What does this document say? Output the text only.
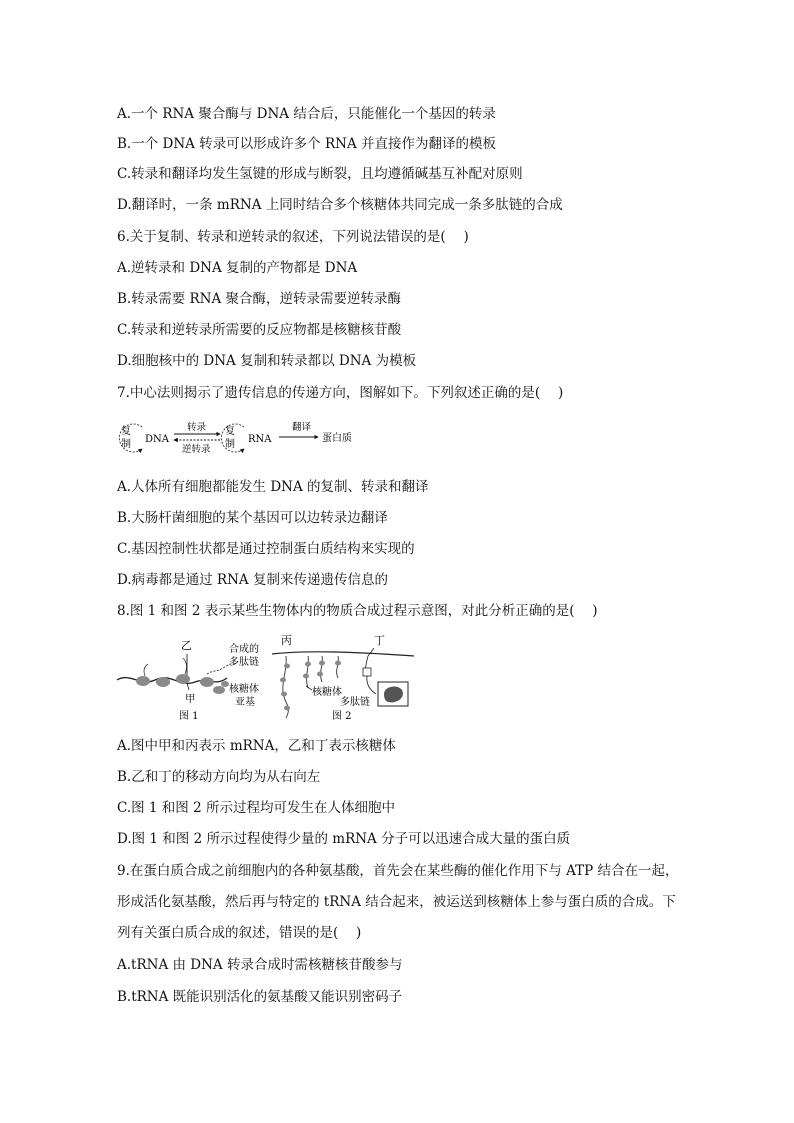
A.一个 RNA 聚合酶与 DNA 结合后，只能催化一个基因的转录
B.一个 DNA 转录可以形成许多个 RNA 并直接作为翻译的模板
C.转录和翻译均发生氢键的形成与断裂，且均遵循碱基互补配对原则
D.翻译时，一条 mRNA 上同时结合多个核糖体共同完成一条多肽链的合成
6.关于复制、转录和逆转录的叙述，下列说法错误的是(　 )
A.逆转录和 DNA 复制的产物都是 DNA
B.转录需要 RNA 聚合酶，逆转录需要逆转录酶
C.转录和逆转录所需要的反应物都是核糖核苷酸
D.细胞核中的 DNA 复制和转录都以 DNA 为模板
7.中心法则揭示了遗传信息的传递方向，图解如下。下列叙述正确的是(　 )
复
制 DNA
转录
逆转录
复
制 RNA
翻译
蛋白质
A.人体所有细胞都能发生 DNA 的复制、转录和翻译
B.大肠杆菌细胞的某个基因可以边转录边翻译
C.基因控制性状都是通过控制蛋白质结构来实现的
D.病毒都是通过 RNA 复制来传递遗传信息的
8.图 1 和图 2 表示某些生物体内的物质合成过程示意图，对此分析正确的是(　 )
乙
甲
合成的
多肽链
核糖体
亚基
图 1
丙	丁
核糖体
多肽链
图 2
A.图中甲和丙表示 mRNA，乙和丁表示核糖体
B.乙和丁的移动方向均为从右向左
C.图 1 和图 2 所示过程均可发生在人体细胞中
D.图 1 和图 2 所示过程使得少量的 mRNA 分子可以迅速合成大量的蛋白质
9.在蛋白质合成之前细胞内的各种氨基酸，首先会在某些酶的催化作用下与 ATP 结合在一起，
形成活化氨基酸，然后再与特定的 tRNA 结合起来，被运送到核糖体上参与蛋白质的合成。下
列有关蛋白质合成的叙述，错误的是(　 )
A.tRNA 由 DNA 转录合成时需核糖核苷酸参与
B.tRNA 既能识别活化的氨基酸又能识别密码子
